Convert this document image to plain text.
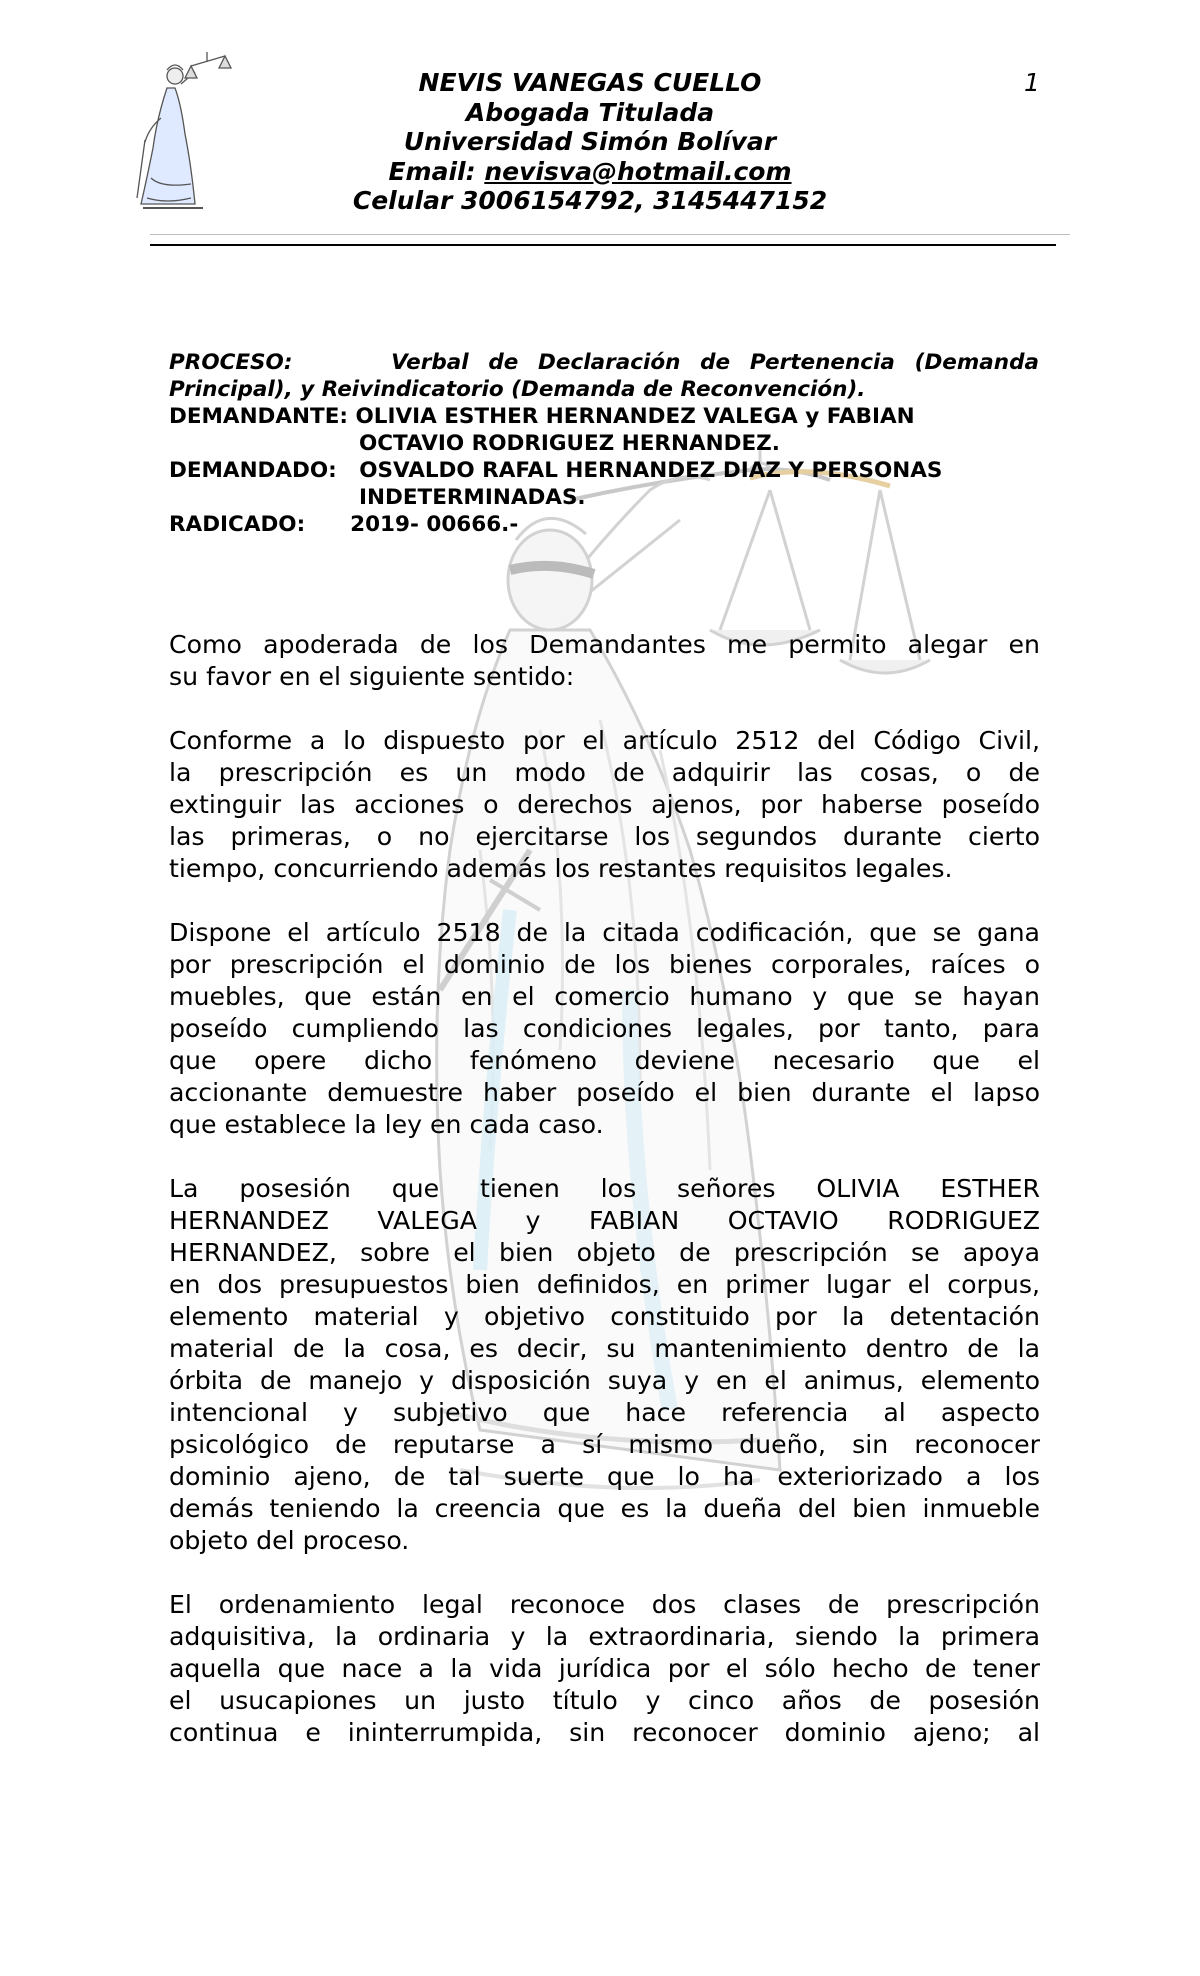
NEVIS VANEGAS CUELLO
Abogada Titulada
Universidad Simón Bolívar
Email: nevisva@hotmail.com
Celular 3006154792, 3145447152
1
PROCESO:	Verbal de Declaración de Pertenencia (Demanda
Principal), y Reivindicatorio (Demanda de Reconvención).
DEMANDANTE: OLIVIA ESTHER HERNANDEZ VALEGA y FABIAN
OCTAVIO RODRIGUEZ HERNANDEZ.
DEMANDADO: OSVALDO RAFAL HERNANDEZ DIAZ Y PERSONAS
INDETERMINADAS.
RADICADO: 2019- 00666.-
Como apoderada de los Demandantes me permito alegar en
su favor en el siguiente sentido:
Conforme a lo dispuesto por el artículo 2512 del Código Civil,
la prescripción es un modo de adquirir las cosas, o de
extinguir las acciones o derechos ajenos, por haberse poseído
las primeras, o no ejercitarse los segundos durante cierto
tiempo, concurriendo además los restantes requisitos legales.
Dispone el artículo 2518 de la citada codificación, que se gana
por prescripción el dominio de los bienes corporales, raíces o
muebles, que están en el comercio humano y que se hayan
poseído cumpliendo las condiciones legales, por tanto, para
que opere dicho fenómeno deviene necesario que el
accionante demuestre haber poseído el bien durante el lapso
que establece la ley en cada caso.
La posesión que tienen los señores OLIVIA ESTHER
HERNANDEZ VALEGA y FABIAN OCTAVIO RODRIGUEZ
HERNANDEZ, sobre el bien objeto de prescripción se apoya
en dos presupuestos bien definidos, en primer lugar el corpus,
elemento material y objetivo constituido por la detentación
material de la cosa, es decir, su mantenimiento dentro de la
órbita de manejo y disposición suya y en el animus, elemento
intencional y subjetivo que hace referencia al aspecto
psicológico de reputarse a sí mismo dueño, sin reconocer
dominio ajeno, de tal suerte que lo ha exteriorizado a los
demás teniendo la creencia que es la dueña del bien inmueble
objeto del proceso.
El ordenamiento legal reconoce dos clases de prescripción
adquisitiva, la ordinaria y la extraordinaria, siendo la primera
aquella que nace a la vida jurídica por el sólo hecho de tener
el usucapiones un justo título y cinco años de posesión
continua e ininterrumpida, sin reconocer dominio ajeno; al
